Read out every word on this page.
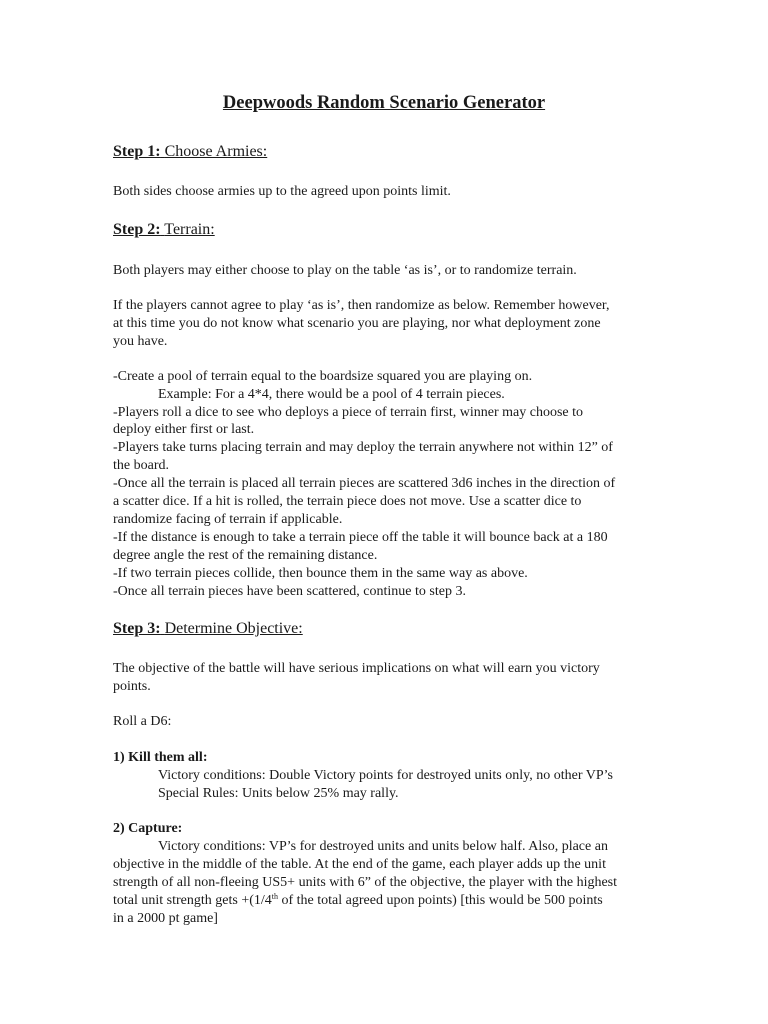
Deepwoods Random Scenario Generator
Step 1: Choose Armies:
Both sides choose armies up to the agreed upon points limit.
Step 2: Terrain:
Both players may either choose to play on the table ‘as is’, or to randomize terrain.
If the players cannot agree to play ‘as is’, then randomize as below. Remember however,
at this time you do not know what scenario you are playing, nor what deployment zone
you have.
-Create a pool of terrain equal to the boardsize squared you are playing on.
Example: For a 4*4, there would be a pool of 4 terrain pieces.
-Players roll a dice to see who deploys a piece of terrain first, winner may choose to
deploy either first or last.
-Players take turns placing terrain and may deploy the terrain anywhere not within 12” of
the board.
-Once all the terrain is placed all terrain pieces are scattered 3d6 inches in the direction of
a scatter dice. If a hit is rolled, the terrain piece does not move. Use a scatter dice to
randomize facing of terrain if applicable.
-If the distance is enough to take a terrain piece off the table it will bounce back at a 180
degree angle the rest of the remaining distance.
-If two terrain pieces collide, then bounce them in the same way as above.
-Once all terrain pieces have been scattered, continue to step 3.
Step 3: Determine Objective:
The objective of the battle will have serious implications on what will earn you victory
points.
Roll a D6:
1) Kill them all:
Victory conditions: Double Victory points for destroyed units only, no other VP’s
Special Rules: Units below 25% may rally.
2) Capture:
Victory conditions: VP’s for destroyed units and units below half. Also, place an
objective in the middle of the table. At the end of the game, each player adds up the unit
strength of all non-fleeing US5+ units with 6” of the objective, the player with the highest
total unit strength gets +(1/4th of the total agreed upon points) [this would be 500 points
in a 2000 pt game]
